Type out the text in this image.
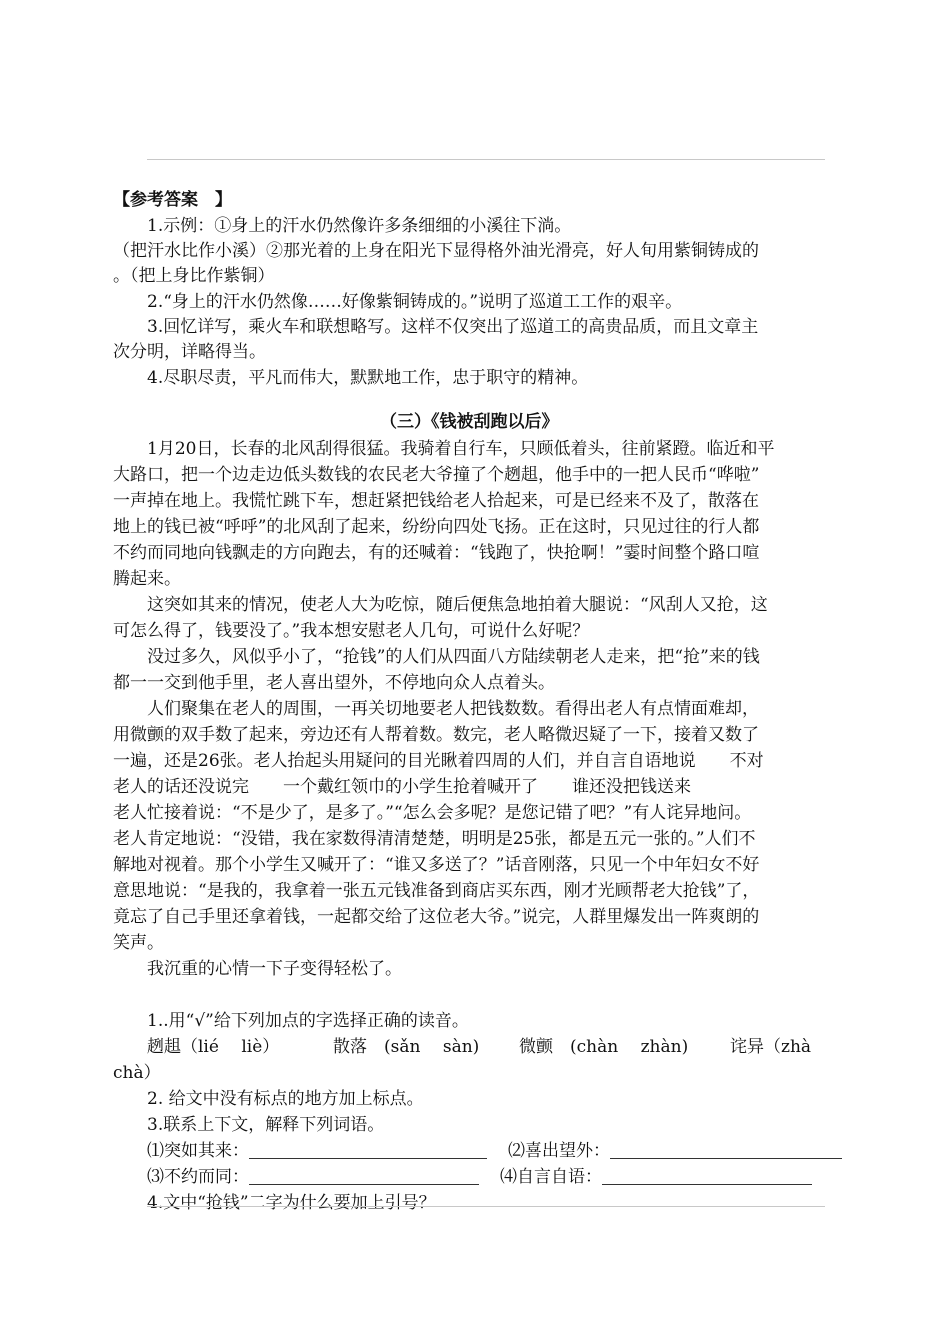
【参考答案　】
1.示例：①身上的汗水仍然像许多条细细的小溪往下淌。
（把汗水比作小溪）②那光着的上身在阳光下显得格外油光滑亮，好人旬用紫铜铸成的
。（把上身比作紫铜）
2.“身上的汗水仍然像……好像紫铜铸成的。”说明了巡道工工作的艰辛。
3.回忆详写，乘火车和联想略写。这样不仅突出了巡道工的高贵品质，而且文章主
次分明，详略得当。
4.尽职尽责，平凡而伟大，默默地工作，忠于职守的精神。
（三）《钱被刮跑以后》
1月20日，长春的北风刮得很猛。我骑着自行车，只顾低着头，往前紧蹬。临近和平
大路口，把一个边走边低头数钱的农民老大爷撞了个趔趄，他手中的一把人民币“哗啦”
一声掉在地上。我慌忙跳下车，想赶紧把钱给老人拾起来，可是已经来不及了，散落在
地上的钱已被“呼呼”的北风刮了起来，纷纷向四处飞扬。正在这时，只见过往的行人都
不约而同地向钱飘走的方向跑去，有的还喊着：“钱跑了，快抢啊！”霎时间整个路口喧
腾起来。
这突如其来的情况，使老人大为吃惊，随后便焦急地拍着大腿说：“风刮人又抢，这
可怎么得了，钱要没了。”我本想安慰老人几句，可说什么好呢？
没过多久，风似乎小了，“抢钱”的人们从四面八方陆续朝老人走来，把“抢”来的钱
都一一交到他手里，老人喜出望外，不停地向众人点着头。
人们聚集在老人的周围，一再关切地要老人把钱数数。看得出老人有点情面难却，
用微颤的双手数了起来，旁边还有人帮着数。数完，老人略微迟疑了一下，接着又数了
一遍，还是26张。老人抬起头用疑问的目光瞅着四周的人们，并自言自语地说　　不对
老人的话还没说完　　一个戴红领巾的小学生抢着喊开了　　谁还没把钱送来
老人忙接着说：“不是少了，是多了。”“怎么会多呢？是您记错了吧？”有人诧异地问。
老人肯定地说：“没错，我在家数得清清楚楚，明明是25张，都是五元一张的。”人们不
解地对视着。那个小学生又喊开了：“谁又多送了？”话音刚落，只见一个中年妇女不好
意思地说：“是我的，我拿着一张五元钱准备到商店买东西，刚才光顾帮老大抢钱”了，
竟忘了自己手里还拿着钱，一起都交给了这位老大爷。”说完，人群里爆发出一阵爽朗的
笑声。
我沉重的心情一下子变得轻松了。
1..用“√”给下列加点的字选择正确的读音。
趔趄（lié　 liè）	散落　(sǎn　 sàn) 微颤　(chàn　 zhàn) 诧异（zhà
chà）
2. 给文中没有标点的地方加上标点。
3.联系上下文，解释下列词语。
⑴突如其来：	⑵喜出望外：
⑶不约而同：	⑷自言自语：
4.文中“抢钱”二字为什么要加上引号？
